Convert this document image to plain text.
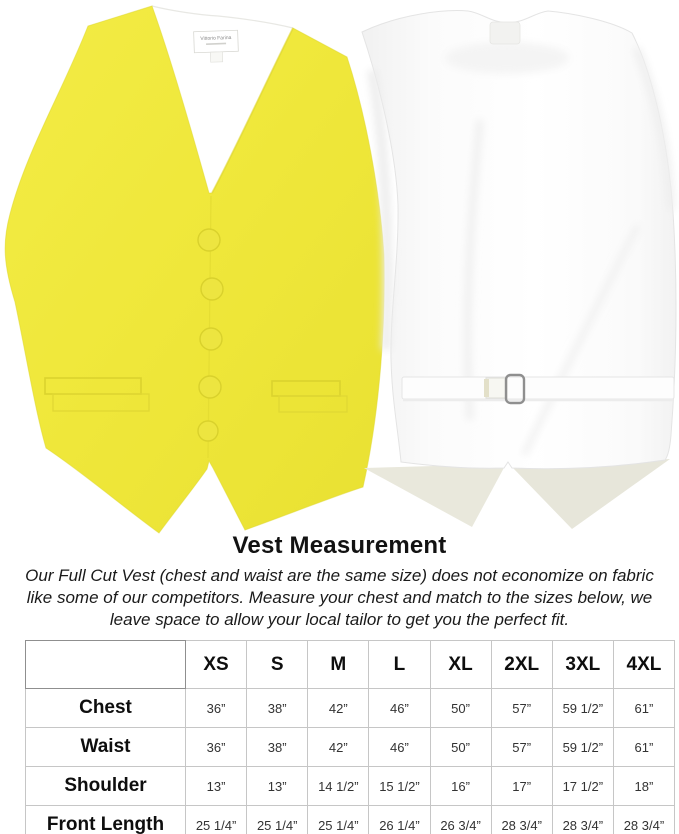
Vittorio Farina
Vest Measurement

Our Full Cut Vest (chest and waist are the same size) does not economize on fabric
like some of our competitors. Measure your chest and match to the sizes below, we
leave space to allow your local tailor to get you the perfect fit.

	XS	S	M	L	XL	2XL	3XL	4XL
Chest	36”	38”	42”	46”	50”	57”	59 1/2”	61”
Waist	36”	38”	42”	46”	50”	57”	59 1/2”	61”
Shoulder	13”	13”	14 1/2”	15 1/2”	16”	17”	17 1/2”	18”
Front Length	25 1/4”	25 1/4”	25 1/4”	26 1/4”	26 3/4”	28 3/4”	28 3/4”	28 3/4”
